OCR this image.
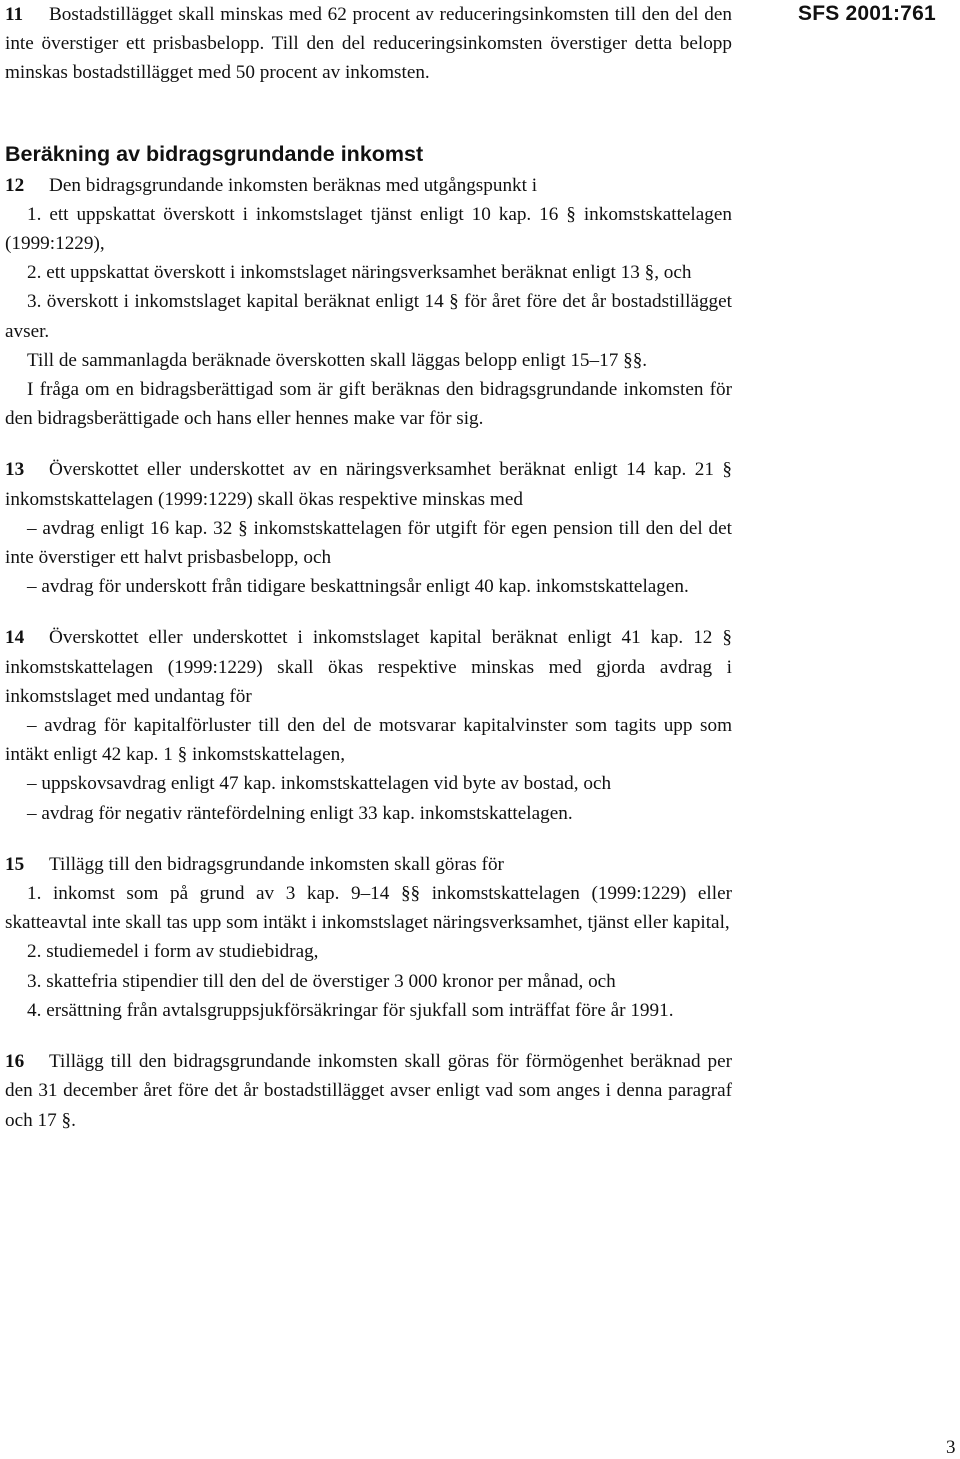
SFS 2001:761

11 Bostadstillägget skall minskas med 62 procent av reduceringsinkomsten till den del den inte överstiger ett prisbasbelopp. Till den del reduceringsinkomsten överstiger detta belopp minskas bostadstillägget med 50 procent av inkomsten.

Beräkning av bidragsgrundande inkomst

12 Den bidragsgrundande inkomsten beräknas med utgångspunkt i

1. ett uppskattat överskott i inkomstslaget tjänst enligt 10 kap. 16 § inkomstskattelagen (1999:1229),

2. ett uppskattat överskott i inkomstslaget näringsverksamhet beräknat enligt 13 §, och

3. överskott i inkomstslaget kapital beräknat enligt 14 § för året före det år bostadstillägget avser.

Till de sammanlagda beräknade överskotten skall läggas belopp enligt 15–17 §§.

I fråga om en bidragsberättigad som är gift beräknas den bidragsgrundande inkomsten för den bidragsberättigade och hans eller hennes make var för sig.

13 Överskottet eller underskottet av en näringsverksamhet beräknat enligt 14 kap. 21 § inkomstskattelagen (1999:1229) skall ökas respektive minskas med

– avdrag enligt 16 kap. 32 § inkomstskattelagen för utgift för egen pension till den del det inte överstiger ett halvt prisbasbelopp, och

– avdrag för underskott från tidigare beskattningsår enligt 40 kap. inkomstskattelagen.

14 Överskottet eller underskottet i inkomstslaget kapital beräknat enligt 41 kap. 12 § inkomstskattelagen (1999:1229) skall ökas respektive minskas med gjorda avdrag i inkomstslaget med undantag för

– avdrag för kapitalförluster till den del de motsvarar kapitalvinster som tagits upp som intäkt enligt 42 kap. 1 § inkomstskattelagen,

– uppskovsavdrag enligt 47 kap. inkomstskattelagen vid byte av bostad, och

– avdrag för negativ räntefördelning enligt 33 kap. inkomstskattelagen.

15 Tillägg till den bidragsgrundande inkomsten skall göras för

1. inkomst som på grund av 3 kap. 9–14 §§ inkomstskattelagen (1999:1229) eller skatteavtal inte skall tas upp som intäkt i inkomstslaget näringsverksamhet, tjänst eller kapital,

2. studiemedel i form av studiebidrag,

3. skattefria stipendier till den del de överstiger 3 000 kronor per månad, och

4. ersättning från avtalsgruppsjukförsäkringar för sjukfall som inträffat före år 1991.

16 Tillägg till den bidragsgrundande inkomsten skall göras för förmögenhet beräknad per den 31 december året före det år bostadstillägget avser enligt vad som anges i denna paragraf och 17 §.

3
